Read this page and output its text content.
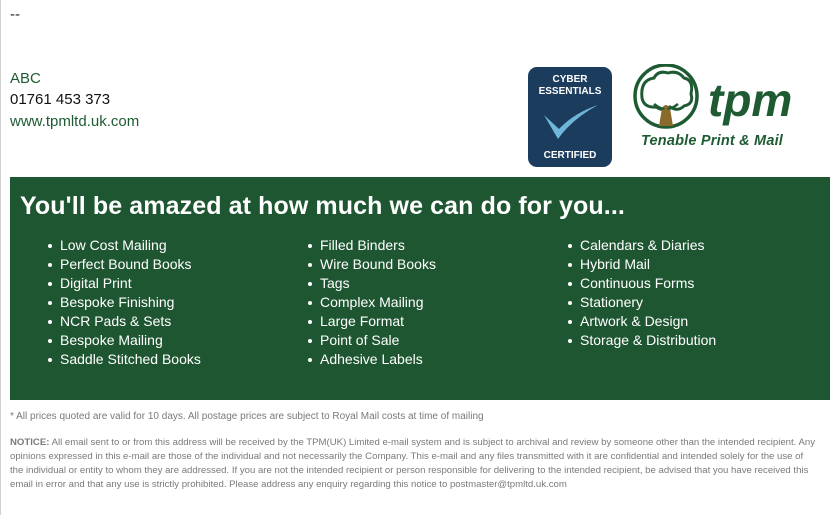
--
ABC
01761 453 373
www.tpmltd.uk.com
CYBER
ESSENTIALS
CERTIFIED
tpm
Tenable Print & Mail
You'll be amazed at how much we can do for you...
Low Cost Mailing
Perfect Bound Books
Digital Print
Bespoke Finishing
NCR Pads & Sets
Bespoke Mailing
Saddle Stitched Books
Filled Binders
Wire Bound Books
Tags
Complex Mailing
Large Format
Point of Sale
Adhesive Labels
Calendars & Diaries
Hybrid Mail
Continuous Forms
Stationery
Artwork & Design
Storage & Distribution
* All prices quoted are valid for 10 days. All postage prices are subject to Royal Mail costs at time of mailing
NOTICE: All email sent to or from this address will be received by the TPM(UK) Limited e-mail system and is subject to archival and review by someone other than the intended recipient. Any opinions expressed in this e-mail are those of the individual and not necessarily the Company. This e-mail and any files transmitted with it are confidential and intended solely for the use of the individual or entity to whom they are addressed. If you are not the intended recipient or person responsible for delivering to the intended recipient, be advised that you have received this email in error and that any use is strictly prohibited. Please address any enquiry regarding this notice to postmaster@tpmltd.uk.com
